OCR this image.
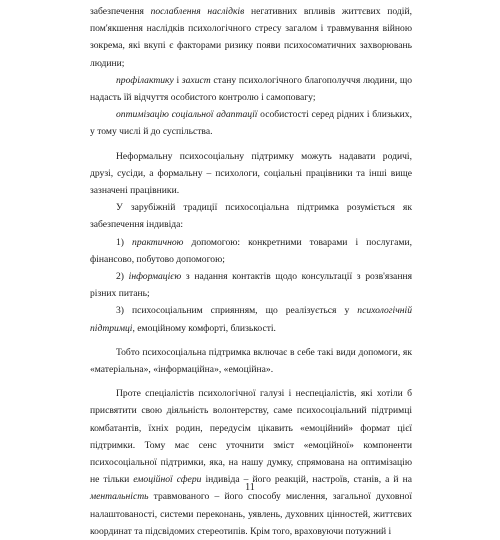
забезпечення послаблення наслідків негативних впливів життєвих подій, пом'якшення наслідків психологічного стресу загалом і травмування війною зокрема, які вкупі є факторами ризику появи психосоматичних захворювань людини;

профілактику і захист стану психологічного благополуччя людини, що надасть їй відчуття особистого контролю і самоповагу;

оптимізацію соціальної адаптації особистості серед рідних і близьких, у тому числі й до суспільства.

Неформальну психосоціальну підтримку можуть надавати родичі, друзі, сусіди, а формальну – психологи, соціальні працівники та інші вище зазначені працівники.

У зарубіжній традиції психосоціальна підтримка розуміється як забезпечення індивіда:

1) практичною допомогою: конкретними товарами і послугами, фінансово, побутово допомогою;

2) інформацією з надання контактів щодо консультації з розв'язання різних питань;

3) психосоціальним сприянням, що реалізується у психологічній підтримці, емоційному комфорті, близькості.

Тобто психосоціальна підтримка включає в себе такі види допомоги, як «матеріальна», «інформаційна», «емоційна».

Проте спеціалістів психологічної галузі і неспеціалістів, які хотіли б присвятити свою діяльність волонтерству, саме психосоціальний підтримці комбатантів, їхніх родин, передусім цікавить «емоційний» формат цієї підтримки. Тому має сенс уточнити зміст «емоційної» компоненти психосоціальної підтримки, яка, на нашу думку, спрямована на оптимізацію не тільки емоційної сфери індивіда – його реакцій, настроїв, станів, а й на ментальність травмованого – його способу мислення, загальної духовної налаштованості, системи переконань, уявлень, духовних цінностей, життєвих координат та підсвідомих стереотипів. Крім того, враховуючи потужний і

11
